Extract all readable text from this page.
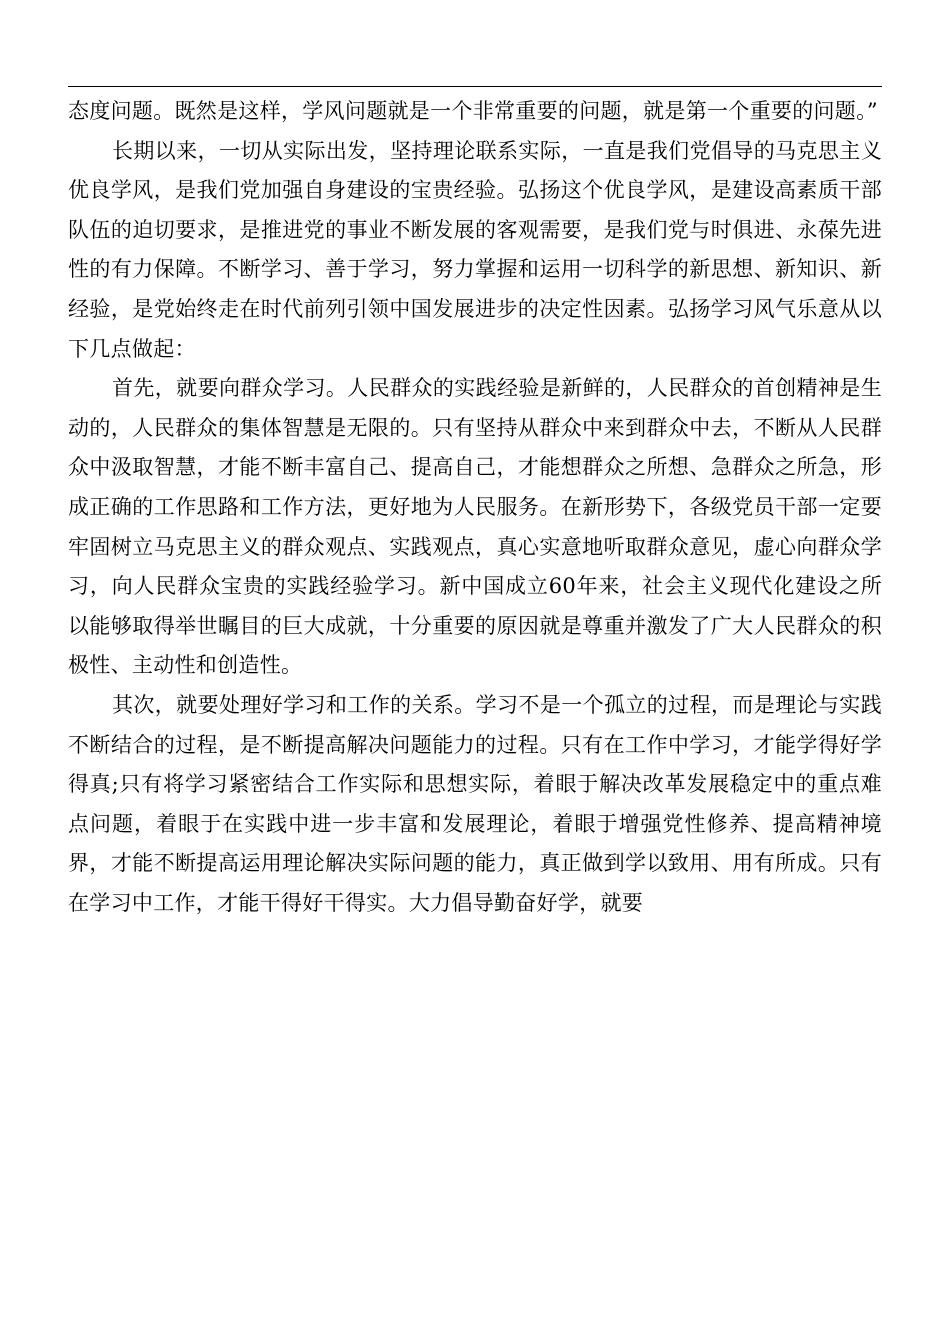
态度问题。既然是这样，学风问题就是一个非常重要的问题，就是第一个重要的问题。”

长期以来，一切从实际出发，坚持理论联系实际，一直是我们党倡导的马克思主义优良学风，是我们党加强自身建设的宝贵经验。弘扬这个优良学风，是建设高素质干部队伍的迫切要求，是推进党的事业不断发展的客观需要，是我们党与时俱进、永葆先进性的有力保障。不断学习、善于学习，努力掌握和运用一切科学的新思想、新知识、新经验，是党始终走在时代前列引领中国发展进步的决定性因素。弘扬学习风气乐意从以下几点做起：

首先，就要向群众学习。人民群众的实践经验是新鲜的，人民群众的首创精神是生动的，人民群众的集体智慧是无限的。只有坚持从群众中来到群众中去，不断从人民群众中汲取智慧，才能不断丰富自己、提高自己，才能想群众之所想、急群众之所急，形成正确的工作思路和工作方法，更好地为人民服务。在新形势下，各级党员干部一定要牢固树立马克思主义的群众观点、实践观点，真心实意地听取群众意见，虚心向群众学习，向人民群众宝贵的实践经验学习。新中国成立60年来，社会主义现代化建设之所以能够取得举世瞩目的巨大成就，十分重要的原因就是尊重并激发了广大人民群众的积极性、主动性和创造性。

其次，就要处理好学习和工作的关系。学习不是一个孤立的过程，而是理论与实践不断结合的过程，是不断提高解决问题能力的过程。只有在工作中学习，才能学得好学得真;只有将学习紧密结合工作实际和思想实际，着眼于解决改革发展稳定中的重点难点问题，着眼于在实践中进一步丰富和发展理论，着眼于增强党性修养、提高精神境界，才能不断提高运用理论解决实际问题的能力，真正做到学以致用、用有所成。只有在学习中工作，才能干得好干得实。大力倡导勤奋好学，就要
